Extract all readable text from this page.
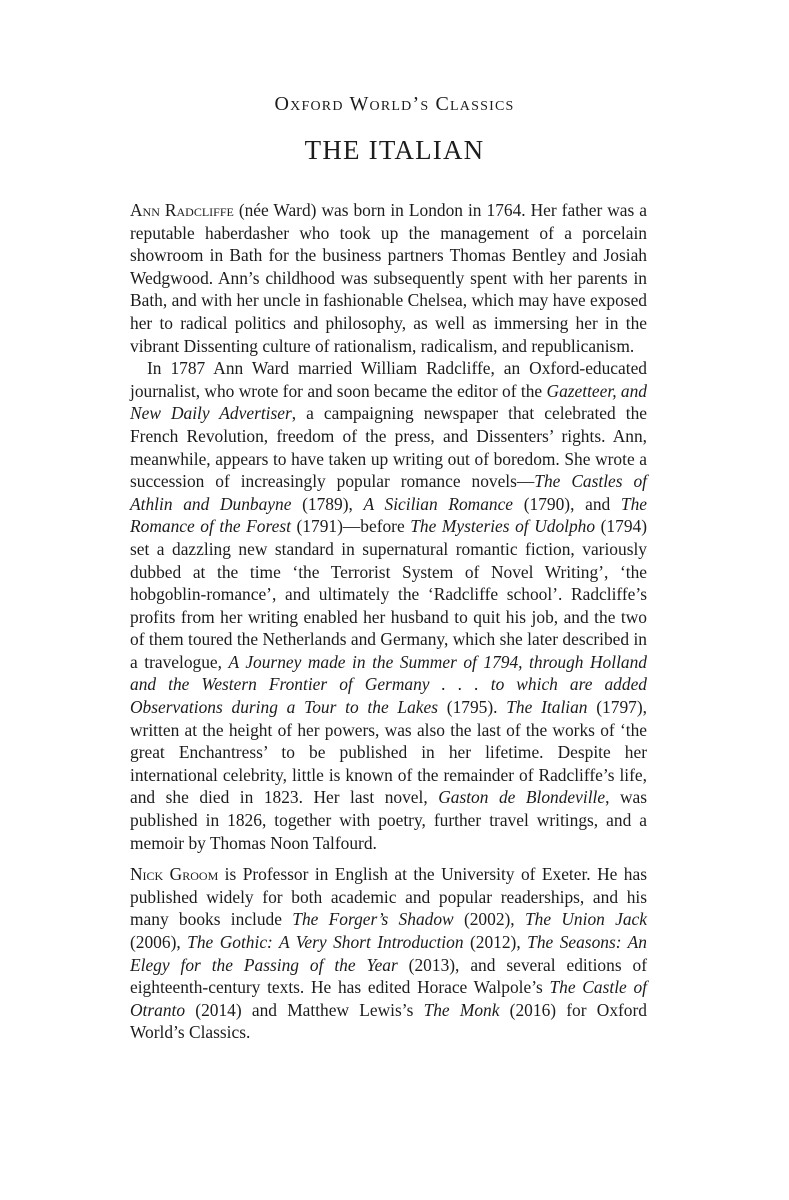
Oxford World’s Classics
THE ITALIAN

Ann Radcliffe (née Ward) was born in London in 1764. Her father was a reputable haberdasher who took up the management of a porcelain showroom in Bath for the business partners Thomas Bentley and Josiah Wedgwood. Ann’s childhood was subsequently spent with her parents in Bath, and with her uncle in fashionable Chelsea, which may have exposed her to radical politics and philosophy, as well as immersing her in the vibrant Dissenting culture of rationalism, radicalism, and republicanism.

In 1787 Ann Ward married William Radcliffe, an Oxford-educated journalist, who wrote for and soon became the editor of the Gazetteer, and New Daily Advertiser, a campaigning newspaper that celebrated the French Revolution, freedom of the press, and Dissenters’ rights. Ann, meanwhile, appears to have taken up writing out of boredom. She wrote a succession of increasingly popular romance novels—The Castles of Athlin and Dunbayne (1789), A Sicilian Romance (1790), and The Romance of the Forest (1791)—before The Mysteries of Udolpho (1794) set a dazzling new standard in supernatural romantic fiction, variously dubbed at the time ‘the Terrorist System of Novel Writing’, ‘the hobgoblin-romance’, and ultimately the ‘Radcliffe school’. Radcliffe’s profits from her writing enabled her husband to quit his job, and the two of them toured the Netherlands and Germany, which she later described in a travelogue, A Journey made in the Summer of 1794, through Holland and the Western Frontier of Germany . . . to which are added Observations during a Tour to the Lakes (1795). The Italian (1797), written at the height of her powers, was also the last of the works of ‘the great Enchantress’ to be published in her lifetime. Despite her international celebrity, little is known of the remainder of Radcliffe’s life, and she died in 1823. Her last novel, Gaston de Blondeville, was published in 1826, together with poetry, further travel writings, and a memoir by Thomas Noon Talfourd.

Nick Groom is Professor in English at the University of Exeter. He has published widely for both academic and popular readerships, and his many books include The Forger’s Shadow (2002), The Union Jack (2006), The Gothic: A Very Short Introduction (2012), The Seasons: An Elegy for the Passing of the Year (2013), and several editions of eighteenth-century texts. He has edited Horace Walpole’s The Castle of Otranto (2014) and Matthew Lewis’s The Monk (2016) for Oxford World’s Classics.
